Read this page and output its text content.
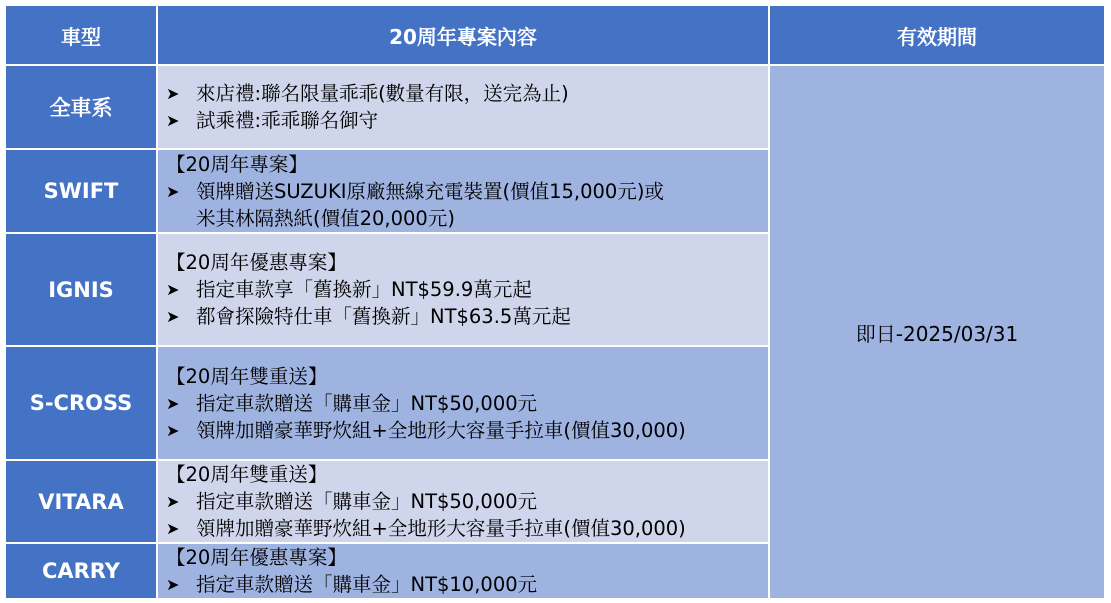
車型	20周年專案內容	有效期間
全車系	➤ 來店禮:聯名限量乖乖(數量有限，送完為止)
➤ 試乘禮:乖乖聯名御守	即日-2025/03/31
SWIFT	【20周年專案】
➤ 領牌贈送SUZUKI原廠無線充電裝置(價值15,000元)或
米其林隔熱紙(價值20,000元)	

IGNIS	【20周年優惠專案】
➤ 指定車款享「舊換新」NT$59.9萬元起
➤ 都會探險特仕車「舊換新」NT$63.5萬元起	

S-CROSS	【20周年雙重送】
➤ 指定車款贈送「購車金」NT$50,000元
➤ 領牌加贈豪華野炊組+全地形大容量手拉車(價值30,000)	

VITARA	【20周年雙重送】
➤ 指定車款贈送「購車金」NT$50,000元
➤ 領牌加贈豪華野炊組+全地形大容量手拉車(價值30,000)	

CARRY	【20周年優惠專案】
➤ 指定車款贈送「購車金」NT$10,000元	
